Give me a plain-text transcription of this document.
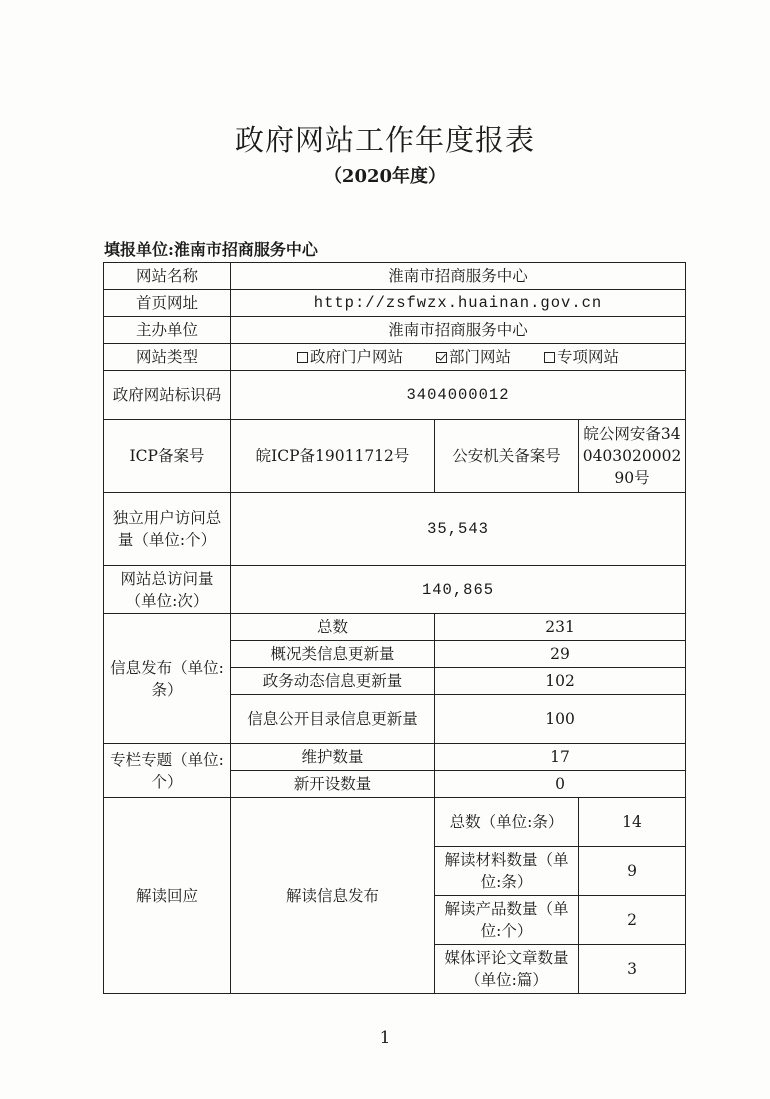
政府网站工作年度报表
（2020年度）
填报单位:淮南市招商服务中心
网站名称	淮南市招商服务中心		
首页网址	http://zsfwzx.huainan.gov.cn		
主办单位	淮南市招商服务中心		
网站类型	政府门户网站 部门网站 专项网站		
政府网站标识码	3404000012		
ICP备案号	皖ICP备19011712号	公安机关备案号	皖公网安备34040302000290号
独立用户访问总量（单位:个）	35,543		
网站总访问量（单位:次）	140,865		
信息发布（单位:条）	总数	231	
	概况类信息更新量	29	
	政务动态信息更新量	102	
	信息公开目录信息更新量	100	
专栏专题（单位:个）	维护数量	17	
	新开设数量	0	
解读回应	解读信息发布	总数（单位:条）	14
		解读材料数量（单位:条）	9
		解读产品数量（单位:个）	2
		媒体评论文章数量（单位:篇）	3
1
